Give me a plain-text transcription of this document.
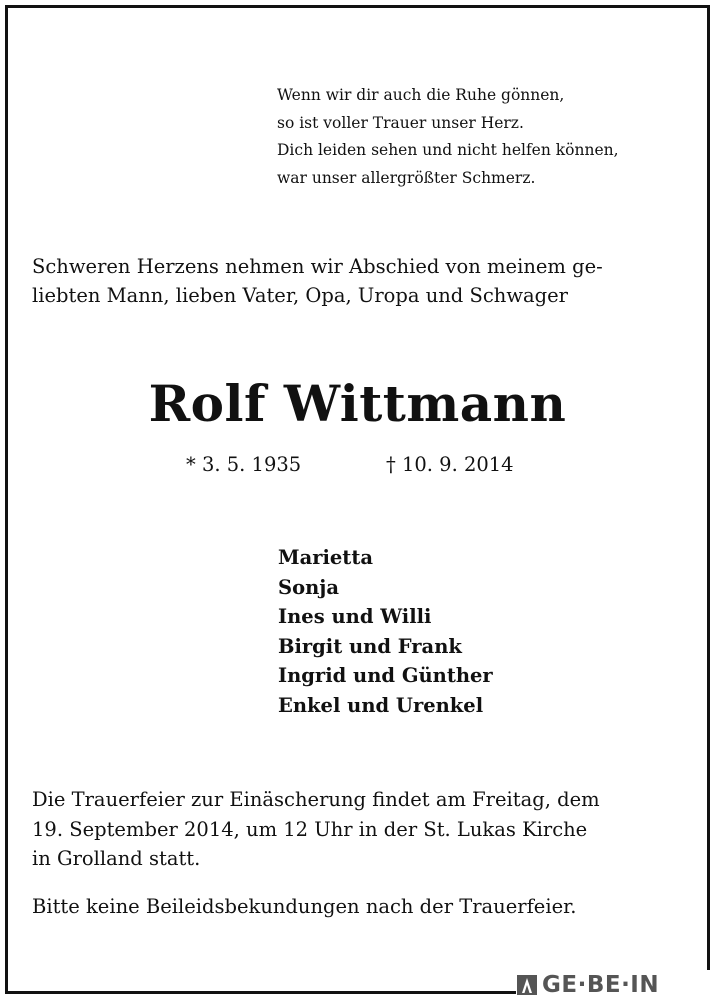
Wenn wir dir auch die Ruhe gönnen,
so ist voller Trauer unser Herz.
Dich leiden sehen und nicht helfen können,
war unser allergrößter Schmerz.
Schweren Herzens nehmen wir Abschied von meinem ge-
liebten Mann, lieben Vater, Opa, Uropa und Schwager
Rolf Wittmann
* 3. 5. 1935	† 10. 9. 2014
Marietta
Sonja
Ines und Willi
Birgit und Frank
Ingrid und Günther
Enkel und Urenkel
Die Trauerfeier zur Einäscherung findet am Freitag, dem
19. September 2014, um 12 Uhr in der St. Lukas Kirche
in Grolland statt.
Bitte keine Beileidsbekundungen nach der Trauerfeier.
GE·BE·IN
